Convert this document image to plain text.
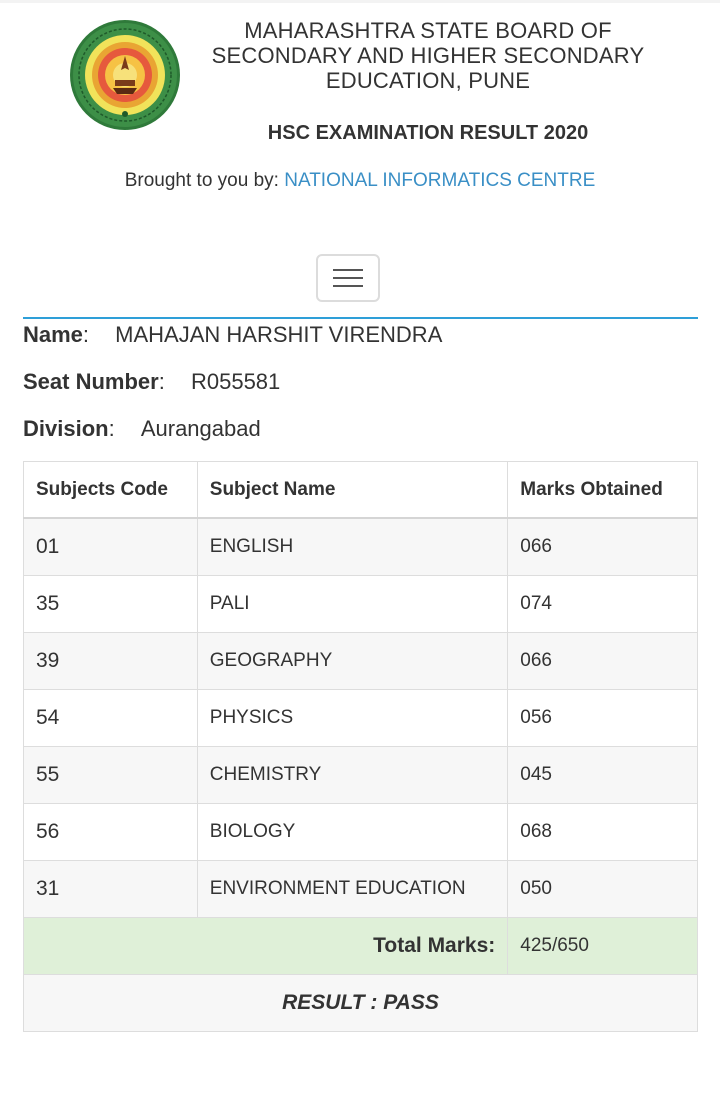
MAHARASHTRA STATE BOARD OF
SECONDARY AND HIGHER SECONDARY
EDUCATION, PUNE
HSC EXAMINATION RESULT 2020
Brought to you by: NATIONAL INFORMATICS CENTRE
Name: MAHAJAN HARSHIT VIRENDRA
Seat Number: R055581
Division: Aurangabad
Subjects Code	Subject Name	Marks Obtained
01	ENGLISH	066
35	PALI	074
39	GEOGRAPHY	066
54	PHYSICS	056
55	CHEMISTRY	045
56	BIOLOGY	068
31	ENVIRONMENT EDUCATION	050
Total Marks:		425/650
RESULT : PASS		
